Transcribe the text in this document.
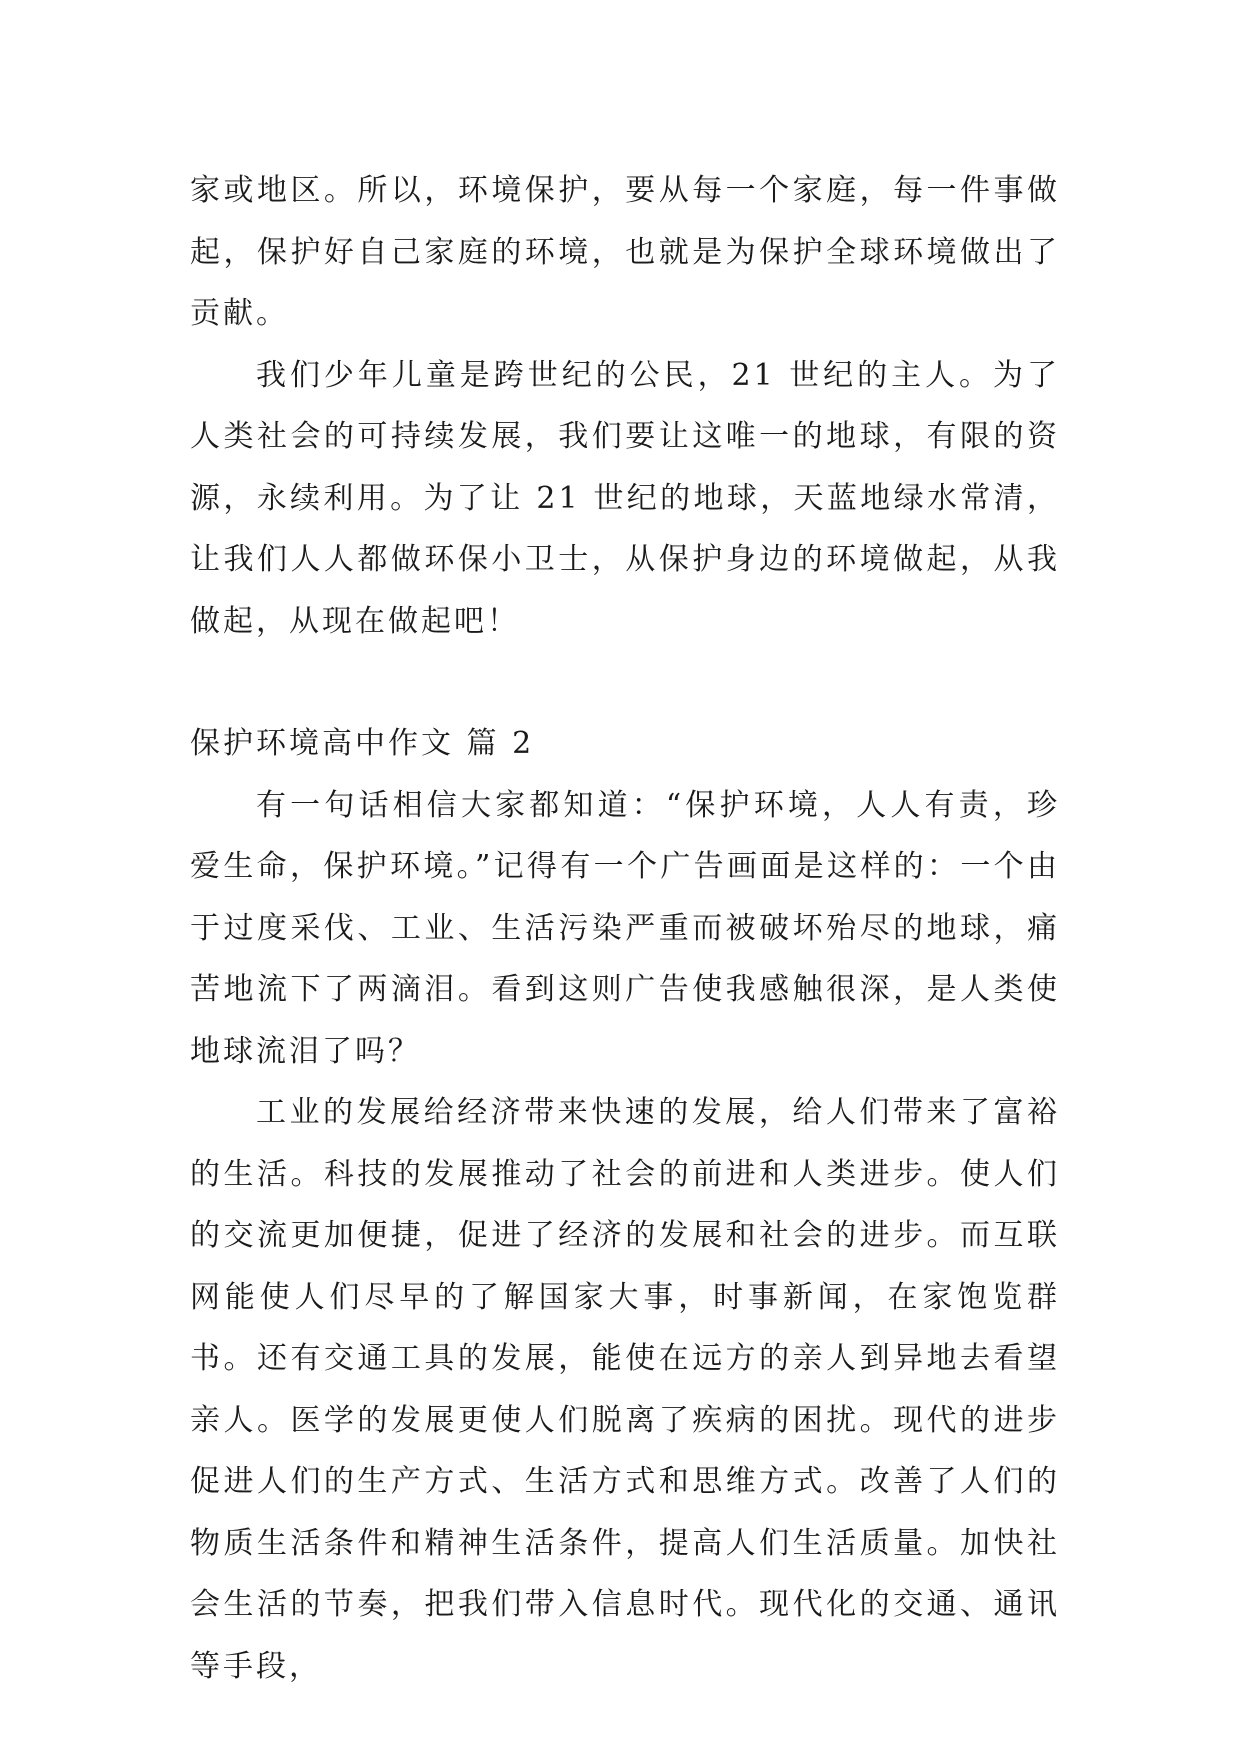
家或地区。所以，环境保护，要从每一个家庭，每一件事做起，保护好自己家庭的环境，也就是为保护全球环境做出了贡献。

我们少年儿童是跨世纪的公民，21 世纪的主人。为了人类社会的可持续发展，我们要让这唯一的地球，有限的资源，永续利用。为了让 21 世纪的地球，天蓝地绿水常清，让我们人人都做环保小卫士，从保护身边的环境做起，从我做起，从现在做起吧！

保护环境高中作文 篇 2

有一句话相信大家都知道：“保护环境，人人有责，珍爱生命，保护环境。”记得有一个广告画面是这样的：一个由于过度采伐、工业、生活污染严重而被破坏殆尽的地球，痛苦地流下了两滴泪。看到这则广告使我感触很深，是人类使地球流泪了吗？

工业的发展给经济带来快速的发展，给人们带来了富裕的生活。科技的发展推动了社会的前进和人类进步。使人们的交流更加便捷，促进了经济的发展和社会的进步。而互联网能使人们尽早的了解国家大事，时事新闻，在家饱览群书。还有交通工具的发展，能使在远方的亲人到异地去看望亲人。医学的发展更使人们脱离了疾病的困扰。现代的进步促进人们的生产方式、生活方式和思维方式。改善了人们的物质生活条件和精神生活条件，提高人们生活质量。加快社会生活的节奏，把我们带入信息时代。现代化的交通、通讯等手段，
